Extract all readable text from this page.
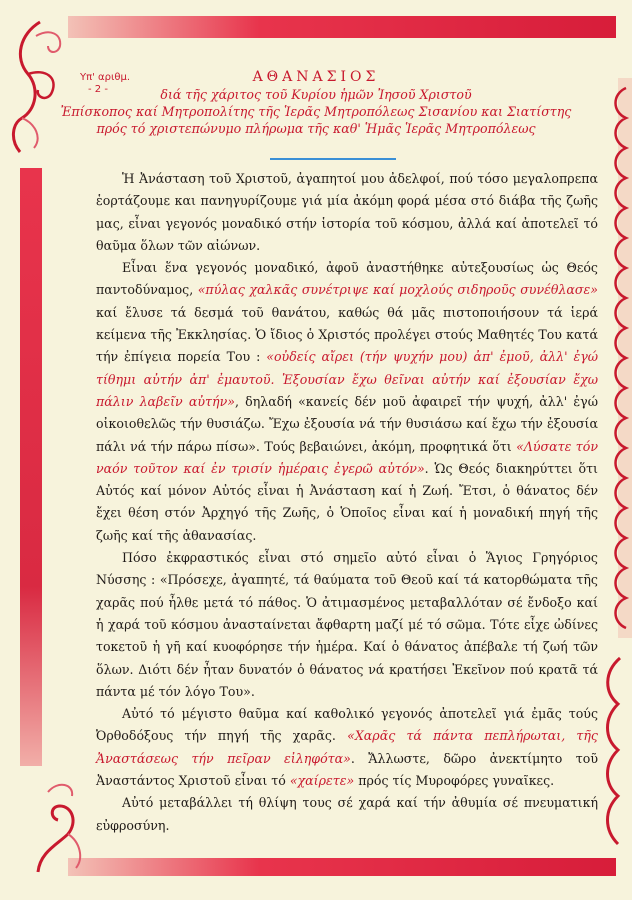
Υπ' αριθμ.
- 2 -
ΑΘΑΝΑΣΙΟΣ
διά τῆς χάριτος τοῦ Κυρίου ἡμῶν Ἰησοῦ Χριστοῦ
Ἐπίσκοπος καί Μητροπολίτης τῆς Ἱερᾶς Μητροπόλεως Σισανίου και Σιατίστης
πρός τό χριστεπώνυμο πλήρωμα τῆς καθ' Ἡμᾶς Ἱερᾶς Μητροπόλεως

Ἡ Ἀνάσταση τοῦ Χριστοῦ, ἀγαπητοί μου ἀδελφοί, πού τόσο μεγαλοπρεπα ἑορτάζουμε και πανηγυρίζουμε γιά μία ἀκόμη φορά μέσα στό διάβα τῆς ζωῆς μας, εἶναι γεγονός μοναδικό στήν ἱστορία τοῦ κόσμου, ἀλλά καί ἀποτελεῖ τό θαῦμα ὅλων τῶν αἰώνων.

Εἶναι ἕνα γεγονός μοναδικό, ἀφοῦ ἀναστήθηκε αὐτεξουσίως ὡς Θεός παντοδύναμος, «πύλας χαλκᾶς συνέτριψε καί μοχλούς σιδηροῦς συνέθλασε» καί ἔλυσε τά δεσμά τοῦ θανάτου, καθώς θά μᾶς πιστοποιήσουν τά ἱερά κείμενα τῆς Ἐκκλησίας. Ὁ ἴδιος ὁ Χριστός προλέγει στούς Μαθητές Του κατά τήν ἐπίγεια πορεία Του : «οὐδείς αἴρει (τήν ψυχήν μου) ἀπ' ἐμοῦ, ἀλλ' ἐγώ τίθημι αὐτήν ἀπ' ἐμαυτοῦ. Ἐξουσίαν ἔχω θεῖναι αὐτήν καί ἐξουσίαν ἔχω πάλιν λαβεῖν αὐτήν», δηλαδή «κανείς δέν μοῦ ἀφαιρεῖ τήν ψυχή, ἀλλ' ἐγώ οἰκοιοθελῶς τήν θυσιάζω. Ἔχω ἐξουσία νά τήν θυσιάσω καί ἔχω τήν ἐξουσία πάλι νά τήν πάρω πίσω». Τούς βεβαιώνει, ἀκόμη, προφητικά ὅτι «Λύσατε τόν ναόν τοῦτον καί ἐν τρισίν ἡμέραις ἐγερῶ αὐτόν». Ὡς Θεός διακηρύττει ὅτι Αὐτός καί μόνον Αὐτός εἶναι ἡ Ἀνάσταση καί ἡ Ζωή. Ἔτσι, ὁ θάνατος δέν ἔχει θέση στόν Ἀρχηγό τῆς Ζωῆς, ὁ Ὁποῖος εἶναι καί ἡ μοναδική πηγή τῆς ζωῆς καί τῆς ἀθανασίας.

Πόσο ἐκφραστικός εἶναι στό σημεῖο αὐτό εἶναι ὁ Ἅγιος Γρηγόριος Νύσσης : «Πρόσεχε, ἀγαπητέ, τά θαύματα τοῦ Θεοῦ καί τά κατορθώματα τῆς χαρᾶς πού ἦλθε μετά τό πάθος. Ὁ ἀτιμασμένος μεταβαλλόταν σέ ἔνδοξο καί ἡ χαρά τοῦ κόσμου ἀνασταίνεται ἄφθαρτη μαζί μέ τό σῶμα. Τότε εἶχε ὠδίνες τοκετοῦ ἡ γῆ καί κυοφόρησε τήν ἡμέρα. Καί ὁ θάνατος ἀπέβαλε τή ζωή τῶν ὅλων. Διότι δέν ἦταν δυνατόν ὁ θάνατος νά κρατήσει Ἐκεῖνον πού κρατᾶ τά πάντα μέ τόν λόγο Του».

Αὐτό τό μέγιστο θαῦμα καί καθολικό γεγονός ἀποτελεῖ γιά ἐμᾶς τούς Ὀρθοδόξους τήν πηγή τῆς χαρᾶς. «Χαρᾶς τά πάντα πεπλήρωται, τῆς Ἀναστάσεως τήν πεῖραν εἰληφότα». Ἄλλωστε, δῶρο ἀνεκτίμητο τοῦ Ἀναστάντος Χριστοῦ εἶναι τό «χαίρετε» πρός τίς Μυροφόρες γυναῖκες.

Αὐτό μεταβάλλει τή θλίψη τους σέ χαρά καί τήν ἀθυμία σέ πνευματική εὐφροσύνη.
